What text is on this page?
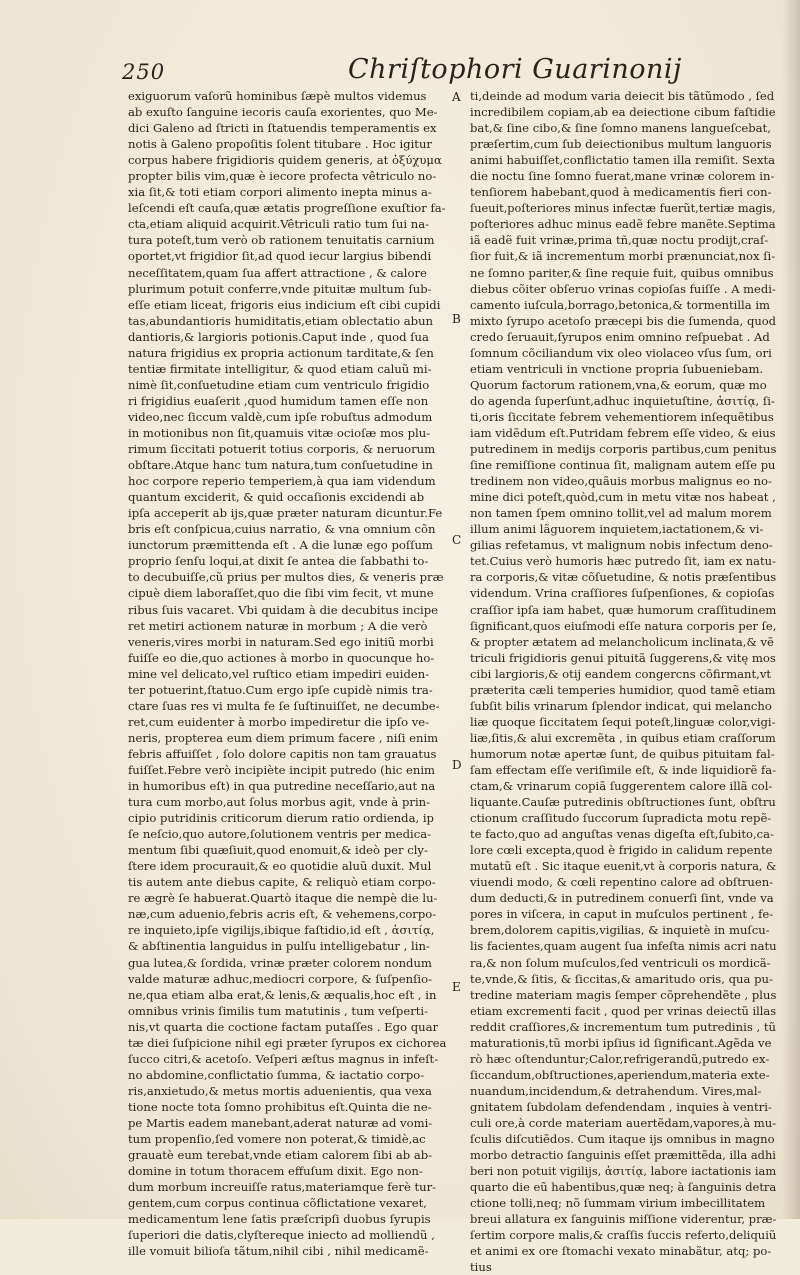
250	Chriſtophori Guarinonij
exiguorum vaſorũ hominibus ſæpè multos videmus
ab exuſto ſanguine iecoris cauſa exorientes, quo Me-
dici Galeno ad ſtricti in ſtatuendis temperamentis ex
notis à Galeno propoſitis ſolent titubare . Hoc igitur
corpus habere frigidioris quidem generis, at ὀξύχυμα
propter bilis vim,quæ è iecore profecta vêtriculo no-
xia ſit,& toti etiam corpori alimento inepta minus a-
leſcendi eſt cauſa,quæ ætatis progreſſione exuſtior fa-
cta,etiam aliquid acquirit.Vêtriculi ratio tum ſui na-
tura poteſt,tum verò ob rationem tenuitatis carnium
oportet,vt frigidior ſit,ad quod iecur largius bibendi
neceſſitatem,quam ſua affert attractione , & calore
plurimum potuit conferre,vnde pituitæ multum ſub-
eſſe etiam liceat, frigoris eius indicium eſt cibi cupidi
tas,abundantioris humiditatis,etiam oblectatio abun
dantioris,& largioris potionis.Caput inde , quod ſua
natura frigidius ex propria actionum tarditate,& ſen
tentiæ firmitate intelligitur, & quod etiam caluũ mi-
nimè ſit,conſuetudine etiam cum ventriculo frigidio
ri frigidius euaſerit ,quod humidum tamen eſſe non
video,nec ſiccum valdè,cum ipſe robuſtus admodum
in motionibus non ſit,quamuis vitæ ocioſæ mos plu-
rimum ſiccitati potuerit totius corporis, & neruorum
obſtare.Atque hanc tum natura,tum conſuetudine in
hoc corpore reperio temperiem,à qua iam videndum
quantum exciderit, & quid occaſionis excidendi ab
ipſa acceperit ab ijs,quæ præter naturam dicuntur.Fe
bris eſt conſpicua,cuius narratio, & vna omnium cõn
iunctorum præmittenda eſt . A die lunæ ego poſſum
proprio ſenſu loqui,at dixit ſe antea die ſabbathi to-
to decubuiſſe,cũ prius per multos dies, & veneris præ
cipuè diem laboraſſet,quo die ſibi vim fecit, vt mune
ribus ſuis vacaret. Vbi quidam à die decubitus incipe
ret metiri actionem naturæ in morbum ; A die verò
veneris,vires morbi in naturam.Sed ego initiũ morbi
fuiſſe eo die,quo actiones à morbo in quocunque ho-
mine vel delicato,vel ruſtico etiam impediri euiden-
ter potuerint,ſtatuo.Cum ergo ipſe cupidè nimis tra-
ctare ſuas res vi multa fe ſe ſuſtinuiſſet, ne decumbe-
ret,cum euidenter à morbo impediretur die ipſo ve-
neris, propterea eum diem primum facere , niſi enim
febris affuiſſet , ſolo dolore capitis non tam grauatus
fuiſſet.Febre verò incipiète incipit putredo (hic enim
in humoribus eſt) in qua putredine neceſſario,aut na
tura cum morbo,aut ſolus morbus agit, vnde à prin-
cipio putridinis criticorum dierum ratio ordienda, ip
ſe neſcio,quo autore,ſolutionem ventris per medica-
mentum ſibi quæſiuit,quod enomuit,& ideò per cly-
ſtere idem procurauit,& eo quotidie aluũ duxit. Mul
tis autem ante diebus capite, & reliquò etiam corpo-
re ægrè ſe habuerat.Quartò itaque die nempè die lu-
næ,cum aduenio,febris acris eſt, & vehemens,corpo-
re inquieto,ipſe vigilijs,ibique faſtidio,id eſt , ἀσιτίᾳ,
& abſtinentia languidus in pulſu intelligebatur , lin-
gua lutea,& ſordida, vrinæ præter colorem nondum
valde maturæ adhuc,mediocri corpore, & ſuſpenſio-
ne,qua etiam alba erat,& lenis,& æqualis,hoc eſt , in
omnibus vrinis ſimilis tum matutinis , tum veſperti-
nis,vt quarta die coctione factam putaſſes . Ego quar
tæ diei ſuſpicione nihil egi præter ſyrupos ex cichorea
ſucco citri,& acetoſo. Veſperi æſtus magnus in infeſt-
no abdomine,conflictatio ſumma, & iactatio corpo-
ris,anxietudo,& metus mortis aduenientis, qua vexa
tione nocte tota ſomno prohibitus eſt.Quinta die ne-
pe Martis eadem manebant,aderat naturæ ad vomi-
tum propenſio,ſed vomere non poterat,& timidè,ac
grauatè eum terebat,vnde etiam calorem ſibi ab ab-
domine in totum thoracem effuſum dixit. Ego non-
dum morbum increuiſſe ratus,materiamque ferè tur-
gentem,cum corpus continua cõflictatione vexaret,
medicamentum lene ſatis præſcripſi duobus ſyrupis
ſuperiori die datis,clyſtereque iniecto ad molliendũ ,
ille vomuit bilioſa tãtum,nihil cibi , nihil medicamẽ-
A
B
C
D
E
ti,deinde ad modum varia deiecit bis tãtũmodo , ſed
incredibilem copiam,ab ea deiectione cibum faſtidie
bat,& ſine cibo,& ſine ſomno manens langueſcebat,
præſertim,cum ſub deiectionibus multum languoris
animi habuiſſet,conflictatio tamen illa remiſit. Sexta
die noctu ſine ſomno fuerat,mane vrinæ colorem in-
tenſiorem habebant,quod à medicamentis fieri con-
ſueuit,poſteriores minus infectæ fuerũt,tertiæ magis,
poſteriores adhuc minus eadẽ febre manẽte.Septima
iã eadẽ fuit vrinæ,prima tñ,quæ noctu prodijt,craſ-
ſior fuit,& iã incrementum morbi prænunciat,nox ſi-
ne ſomno pariter,& ſine requie fuit, quibus omnibus
diebus cõiter obſeruo vrinas copioſas fuiſſe . A medi-
camento iuſcula,borrago,betonica,& tormentilla im
mixto ſyrupo acetoſo præcepi bis die ſumenda, quod
credo ſeruauit,ſyrupos enim omnino reſpuebat . Ad
ſomnum cõciliandum vix oleo violaceo vſus ſum, ori
etiam ventriculi in vnctione propria ſubueniebam.
Quorum factorum rationem,vna,& eorum, quæ mo
do agenda ſuperſunt,adhuc inquietuſtine, ἀσιτίᾳ, ſi-
ti,oris ſiccitate febrem vehementiorem inſequẽtibus
iam vidẽdum eſt.Putridam febrem eſſe video, & eius
putredinem in medijs corporis partibus,cum penitus
ſine remiſſione continua ſit, malignam autem eſſe pu
tredinem non video,quãuis morbus malignus eo no-
mine dici poteſt,quòd,cum in metu vitæ nos habeat ,
non tamen ſpem omnino tollit,vel ad malum morem
illum animi lãguorem inquietem,iactationem,& vi-
gilias refetamus, vt malignum nobis infectum deno-
tet.Cuius verò humoris hæc putredo ſit, iam ex natu-
ra corporis,& vitæ cõſuetudine, & notis præſentibus
videndum. Vrina craſſiores ſuſpenſiones, & copioſas
craſſior ipſa iam habet, quæ humorum craſſitudinem
ſignificant,quos eiuſmodi eſſe natura corporis per ſe,
& propter ætatem ad melancholicum inclinata,& vẽ
triculi frigidioris genui pituitã ſuggerens,& vitę mos
cibi largioris,& otij eandem congercns cõfirmant,vt
præterita cæli temperies humidior, quod tamẽ etiam
ſubſit bilis vrinarum ſplendor indicat, qui melancho
liæ quoque ſiccitatem ſequi poteſt,linguæ color,vigi-
liæ,ſitis,& alui excremẽta , in quibus etiam craſſorum
humorum notæ apertæ ſunt, de quibus pituitam fal-
ſam effectam eſſe veriſimile eſt, & inde liquidiorẽ fa-
ctam,& vrinarum copiã ſuggerentem calore illã col-
liquante.Cauſæ putredinis obſtructiones ſunt, obſtru
ctionum craſſitudo ſuccorum ſupradicta motu repẽ-
te facto,quo ad anguſtas venas digeſta eſt,ſubito,ca-
lore cœli excepta,quod è frigido in calidum repente
mutatũ eſt . Sic itaque euenit,vt à corporis natura, &
viuendi modo, & cœli repentino calore ad obſtruen-
dum deducti,& in putredinem conuerſi ſint, vnde va
pores in viſcera, in caput in muſculos pertinent , fe-
brem,dolorem capitis,vigilias, & inquietè in muſcu-
lis facientes,quam augent ſua infeſta nimis acri natu
ra,& non ſolum muſculos,ſed ventriculi os mordicã-
te,vnde,& ſitis, & ſiccitas,& amaritudo oris, qua pu-
tredine materiam magis ſemper cõprehendẽte , plus
etiam excrementi facit , quod per vrinas deiectũ illas
reddit craſſiores,& incrementum tum putredinis , tũ
maturationis,tũ morbi ipſius id ſignificant.Agẽda ve
rò hæc oſtenduntur;Calor,refrigerandũ,putredo ex-
ſiccandum,obſtructiones,aperiendum,materia exte-
nuandum,incidendum,& detrahendum. Vires,mal-
gnitatem ſubdolam defendendam , inquies à ventri-
culi ore,à corde materiam auertẽdam,vapores,à mu-
ſculis diſcutiẽdos. Cum itaque ijs omnibus in magno
morbo detractio ſanguinis eſſet præmittẽda, illa adhi
beri non potuit vigilijs, ἀσιτίᾳ, labore iactationis iam
quarto die eũ habentibus,quæ neq; à ſanguinis detra
ctione tolli,neq; nõ ſummam virium imbecillitatem
breui allatura ex ſanguinis miſſione viderentur, præ-
ſertim corpore malis,& craſſis ſuccis referto,deliquiũ
et animi ex ore ſtomachi vexato minabãtur, atq; po-
tius
